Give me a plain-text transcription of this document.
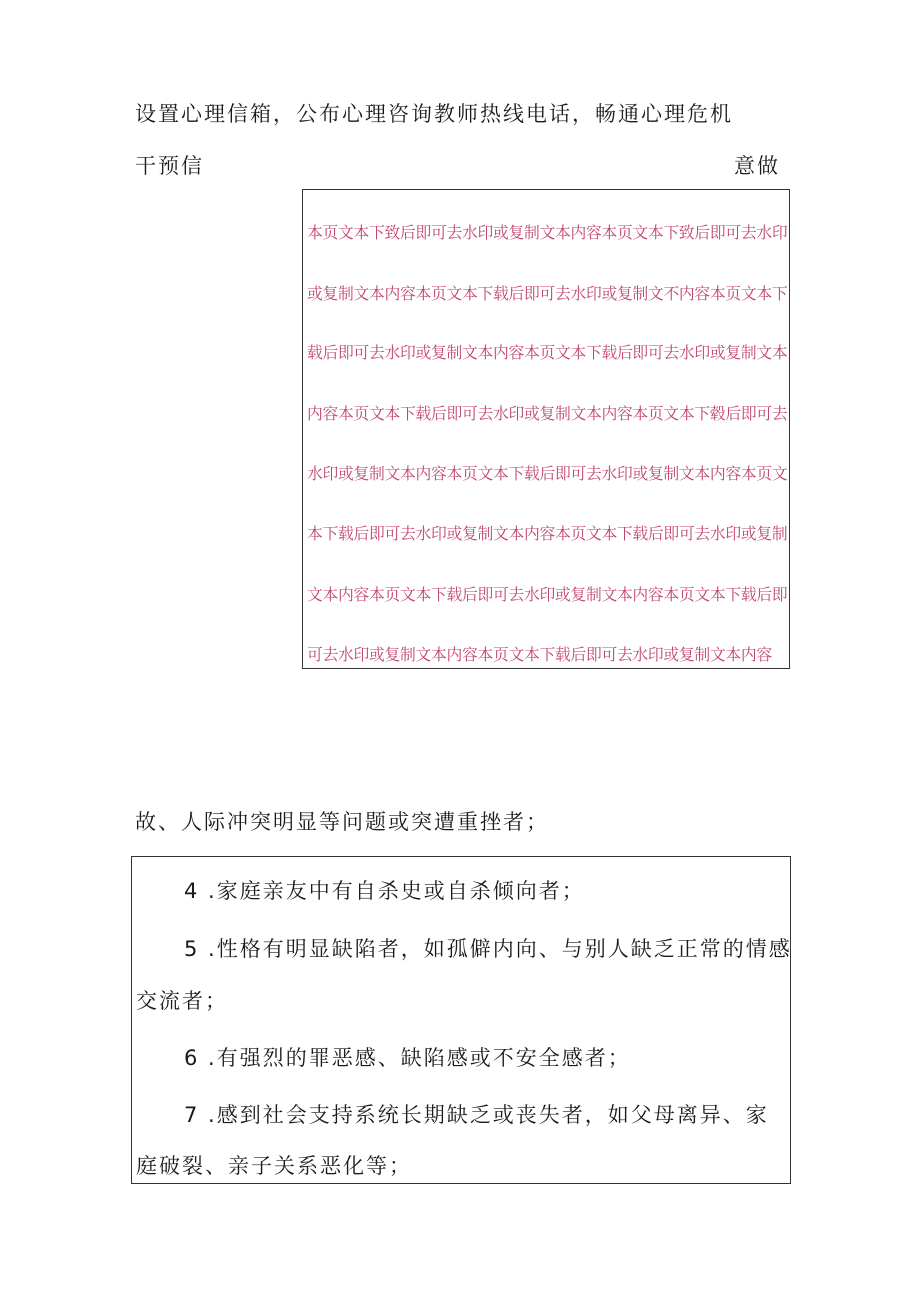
设置心理信箱，公布心理咨询教师热线电话，畅通心理危机
干预信	意做
本页文本下致后即可去水印或复制文本内容本页文本下致后即可去水印
或复制文本内容本页文本下载后即可去水印或复制文不内容本页文本下
载后即可去水印或复制文本内容本页文本下载后即可去水印或复制文本
内容本页文本下载后即可去水印或复制文本内容本页文本下毂后即可去
水印或复制文本内容本页文本下载后即可去水印或复制文本内容本页文
本下载后即可去水印或复制文本内容本页文本下载后即可去水印或复制
文本内容本页文本下载后即可去水印或复制文本内容本页文本下载后即
可去水印或复制文本内容本页文本下载后即可去水印或复制文本内容
故、人际冲突明显等问题或突遭重挫者；
4 .家庭亲友中有自杀史或自杀倾向者；
5 .性格有明显缺陷者，如孤僻内向、与别人缺乏正常的情感
交流者；
6 .有强烈的罪恶感、缺陷感或不安全感者；
7 .感到社会支持系统长期缺乏或丧失者，如父母离异、家
庭破裂、亲子关系恶化等；
